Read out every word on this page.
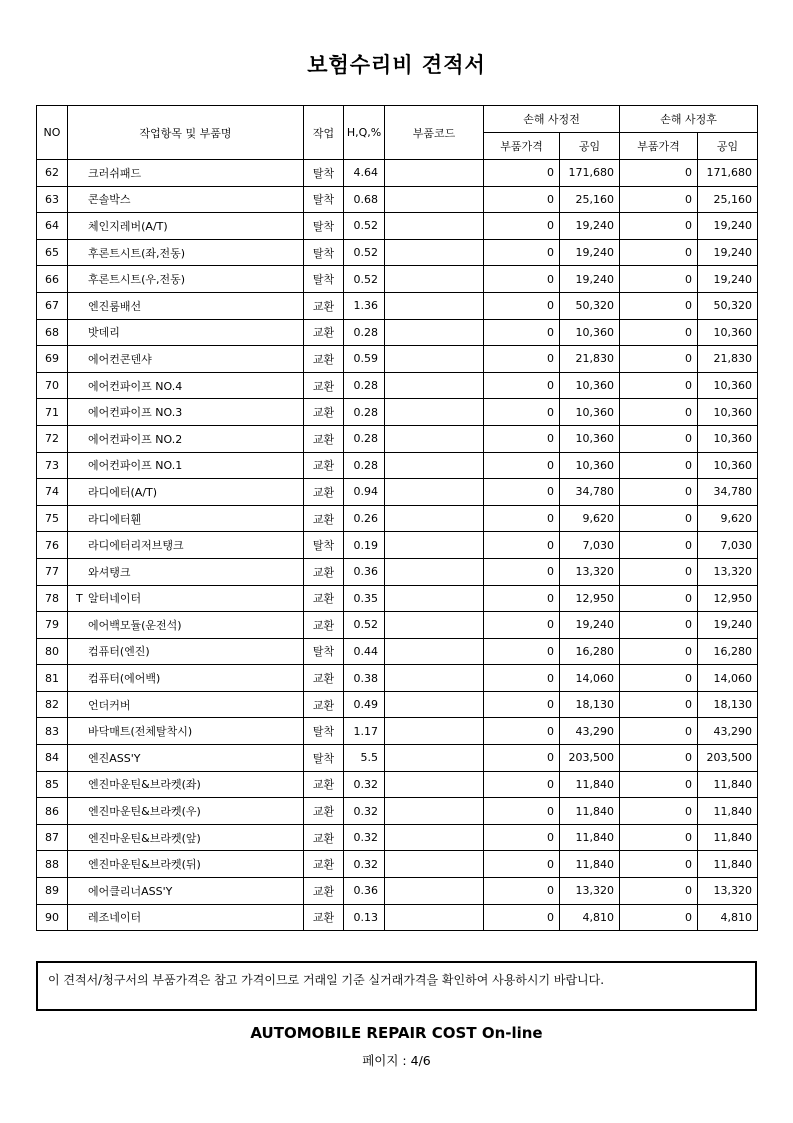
보험수리비 견적서
NO	작업항목 및 부품명	작업	H,Q,%	부품코드	손해 사정전		손해 사정후	
					부품가격	공임	부품가격	공임
62	크러쉬패드	탈착	4.64		0	171,680	0	171,680
63	콘솔박스	탈착	0.68		0	25,160	0	25,160
64	체인지레버(A/T)	탈착	0.52		0	19,240	0	19,240
65	후론트시트(좌,전동)	탈착	0.52		0	19,240	0	19,240
66	후론트시트(우,전동)	탈착	0.52		0	19,240	0	19,240
67	엔진룸배선	교환	1.36		0	50,320	0	50,320
68	밧데리	교환	0.28		0	10,360	0	10,360
69	에어컨콘덴샤	교환	0.59		0	21,830	0	21,830
70	에어컨파이프 NO.4	교환	0.28		0	10,360	0	10,360
71	에어컨파이프 NO.3	교환	0.28		0	10,360	0	10,360
72	에어컨파이프 NO.2	교환	0.28		0	10,360	0	10,360
73	에어컨파이프 NO.1	교환	0.28		0	10,360	0	10,360
74	라디에터(A/T)	교환	0.94		0	34,780	0	34,780
75	라디에터휀	교환	0.26		0	9,620	0	9,620
76	라디에터리저브탱크	탈착	0.19		0	7,030	0	7,030
77	와셔탱크	교환	0.36		0	13,320	0	13,320
78	T 알터네이터	교환	0.35		0	12,950	0	12,950
79	에어백모듈(운전석)	교환	0.52		0	19,240	0	19,240
80	컴퓨터(엔진)	탈착	0.44		0	16,280	0	16,280
81	컴퓨터(에어백)	교환	0.38		0	14,060	0	14,060
82	언더커버	교환	0.49		0	18,130	0	18,130
83	바닥매트(전체탈착시)	탈착	1.17		0	43,290	0	43,290
84	엔진ASS'Y	탈착	5.5		0	203,500	0	203,500
85	엔진마운틴&브라켓(좌)	교환	0.32		0	11,840	0	11,840
86	엔진마운틴&브라켓(우)	교환	0.32		0	11,840	0	11,840
87	엔진마운틴&브라켓(앞)	교환	0.32		0	11,840	0	11,840
88	엔진마운틴&브라켓(뒤)	교환	0.32		0	11,840	0	11,840
89	에어클리너ASS'Y	교환	0.36		0	13,320	0	13,320
90	레조네이터	교환	0.13		0	4,810	0	4,810
이 견적서/청구서의 부품가격은 참고 가격이므로 거래일 기준 실거래가격을 확인하여 사용하시기 바랍니다.
AUTOMOBILE REPAIR COST On-line
페이지 : 4/6
